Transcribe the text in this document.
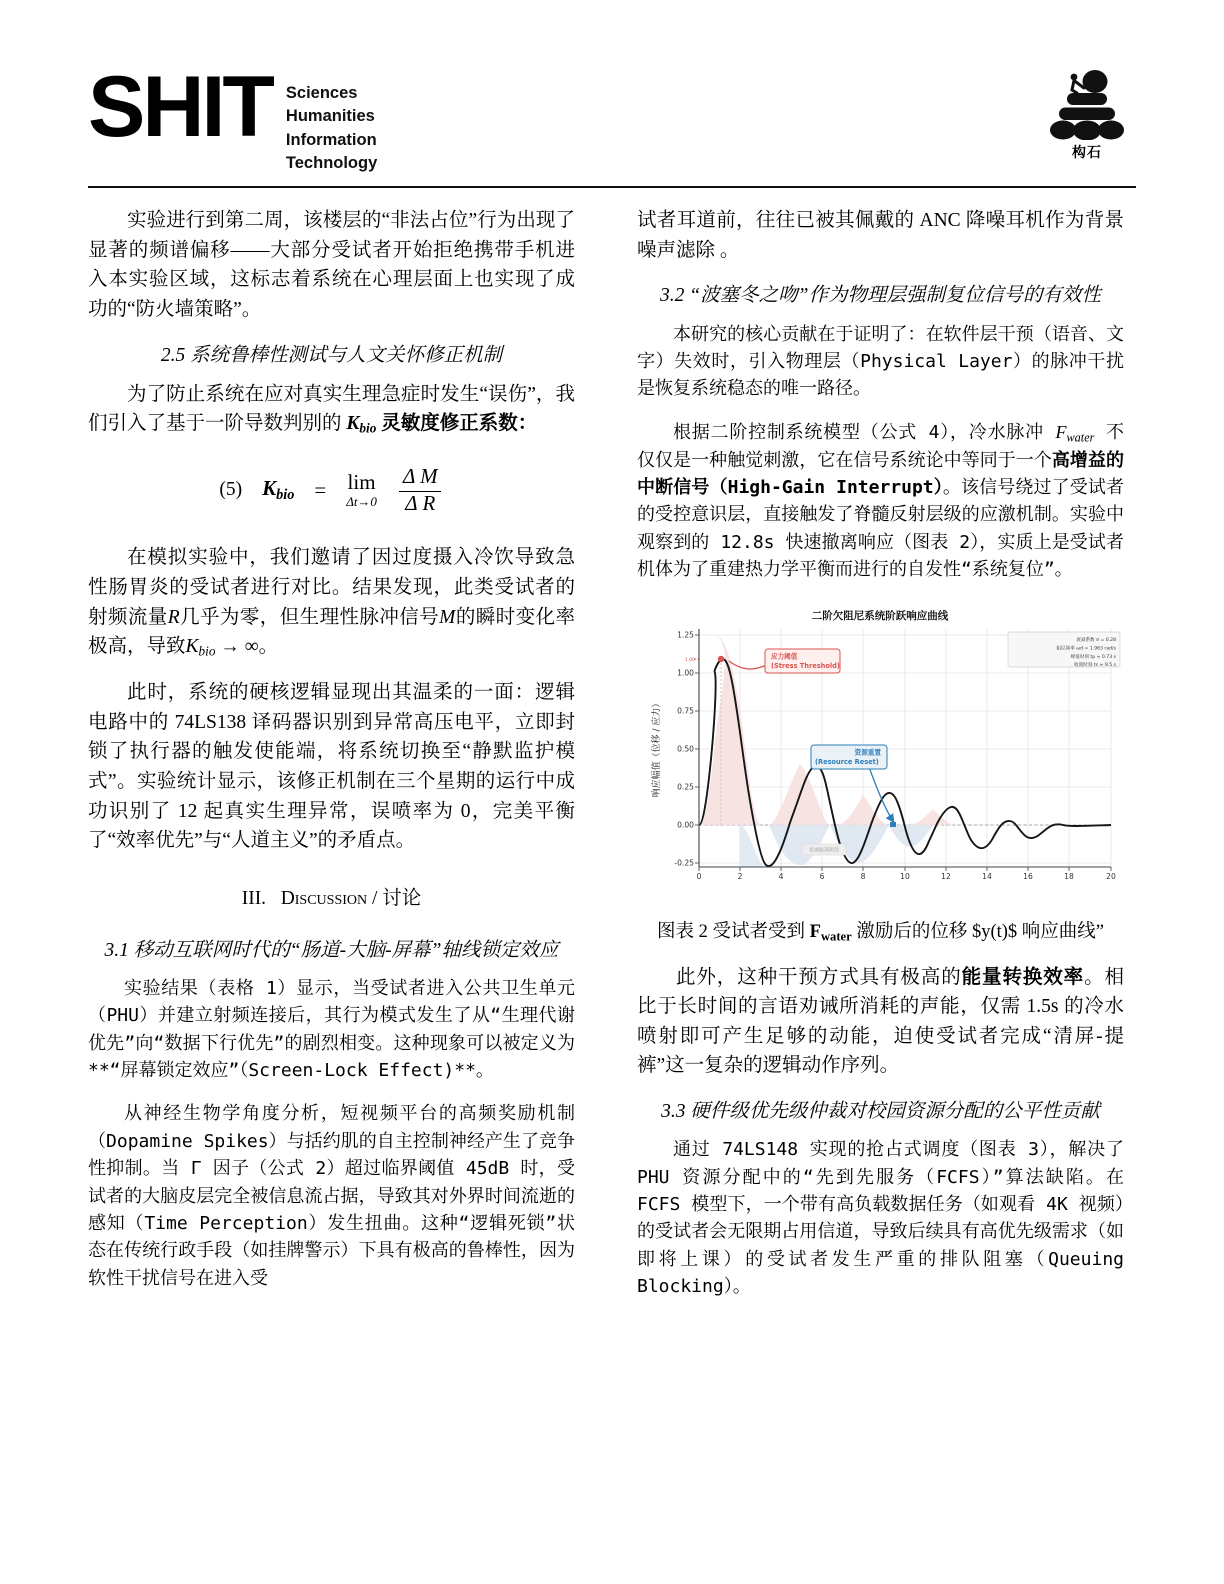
SHIT Sciences
Humanities
Information
Technology
构石

实验进行到第二周，该楼层的“非法占位”行为出现了显著的频谱偏移——大部分受试者开始拒绝携带手机进入本实验区域，这标志着系统在心理层面上也实现了成功的“防火墙策略”。

2.5 系统鲁棒性测试与人文关怀修正机制

为了防止系统在应对真实生理急症时发生“误伤”，我们引入了基于一阶导数判别的 $K_{bio}$ 灵敏度修正系数：

(5) $K_{bio} = \lim$
$\Delta t\to 0 \frac{\text{Δ M}}{\text{Δ R}}$

在模拟实验中，我们邀请了因过度摄入冷饮导致急性肠胃炎的受试者进行对比。结果发现，此类受试者的射频流量R几乎为零，但生理性脉冲信号M的瞬时变化率极高，导致$K_{bio}$ → ∞。

此时，系统的硬核逻辑显现出其温柔的一面：逻辑电路中的 74LS138 译码器识别到异常高压电平，立即封锁了执行器的触发使能端，将系统切换至“静默监护模式”。实验统计显示，该修正机制在三个星期的运行中成功识别了 12 起真实生理异常，误喷率为 0，完美平衡了“效率优先”与“人道主义”的矛盾点。

III. Discussion / 讨论
3.1 移动互联网时代的“肠道-大脑-屏幕”轴线锁定效应

实验结果（表格 1）显示，当受试者进入公共卫生单元（PHU）并建立射频连接后，其行为模式发生了从“生理代谢优先”向“数据下行优先”的剧烈相变。这种现象可以被定义为**“屏幕锁定效应”（Screen-Lock Effect)**。

从神经生物学角度分析，短视频平台的高频奖励机制（Dopamine Spikes）与括约肌的自主控制神经产生了竞争性抑制。当 Γ 因子（公式 2）超过临界阈值 45dB 时，受试者的大脑皮层完全被信息流占据，导致其对外界时间流逝的感知（Time Perception）发生扭曲。这种“逻辑死锁”状态在传统行政手段（如挂牌警示）下具有极高的鲁棒性，因为软性干扰信号在进入受

试者耳道前，往往已被其佩戴的 ANC 降噪耳机作为背景噪声滤除 。

3.2 “波塞冬之吻”作为物理层强制复位信号的有效性

本研究的核心贡献在于证明了：在软件层干预（语音、文字）失效时，引入物理层（Physical Layer）的脉冲干扰是恢复系统稳态的唯一路径。

根据二阶控制系统模型（公式 4），冷水脉冲 $F_{water}$ 不仅仅是一种触觉刺激，它在信号系统论中等同于一个高增益的中断信号（High-Gain Interrupt）。该信号绕过了受试者的受控意识层，直接触发了脊髓反射层级的应激机制。实验中观察到的 12.8s 快速撤离响应（图表 2），实质上是受试者机体为了重建热力学平衡而进行的自发性“系统复位”。

二阶欠阻尼系统阶跃响应曲线
1.00	应力阈值
(Stress Threshold)
资源重置
(Resource Reset)
衰减振荡阶段
衰减系数 σ = 0.28
阻尼频率 ωd = 1.963 rad/s
峰值时刻 tp ≈ 0.73 s
收敛时刻 ts ≈ 9.5 s
1.25
1.00
0.75
0.50
0.25
0.00
-0.25
0	2	4	6	8	10	12	14	16	18	20
响应幅值（位移 / 应力）
图表 2 受试者受到 $F_{water}$ 激励后的位移 $y(t)$ 响应曲线”

此外，这种干预方式具有极高的能量转换效率。相比于长时间的言语劝诫所消耗的声能，仅需 1.5s 的冷水喷射即可产生足够的动能，迫使受试者完成“清屏-提裤”这一复杂的逻辑动作序列。

3.3 硬件级优先级仲裁对校园资源分配的公平性贡献

通过 74LS148 实现的抢占式调度（图表 3），解决了 PHU 资源分配中的“先到先服务（FCFS）”算法缺陷。在 FCFS 模型下，一个带有高负载数据任务（如观看 4K 视频）的受试者会无限期占用信道，导致后续具有高优先级需求（如即将上课）的受试者发生严重的排队阻塞（Queuing Blocking）。
